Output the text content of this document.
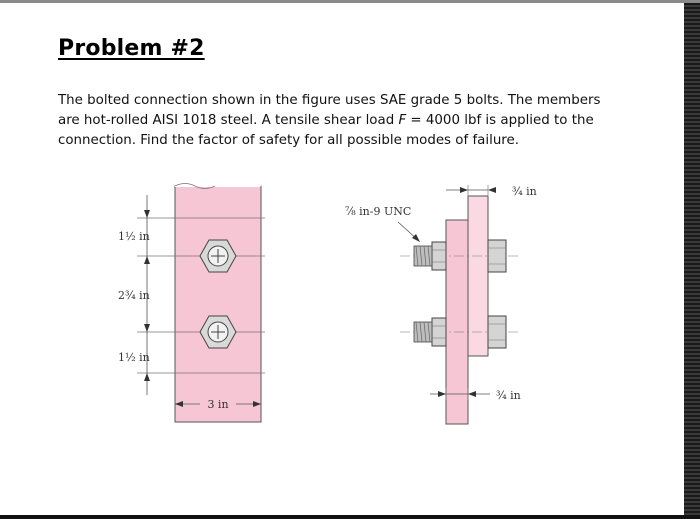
Problem #2
The bolted connection shown in the figure uses SAE grade 5 bolts. The members
are hot-rolled AISI 1018 steel. A tensile shear load F = 4000 lbf is applied to the
connection. Find the factor of safety for all possible modes of failure.
3 in
1½ in
2¾ in
1½ in
¾ in
¾ in
⅞ in-9 UNC
